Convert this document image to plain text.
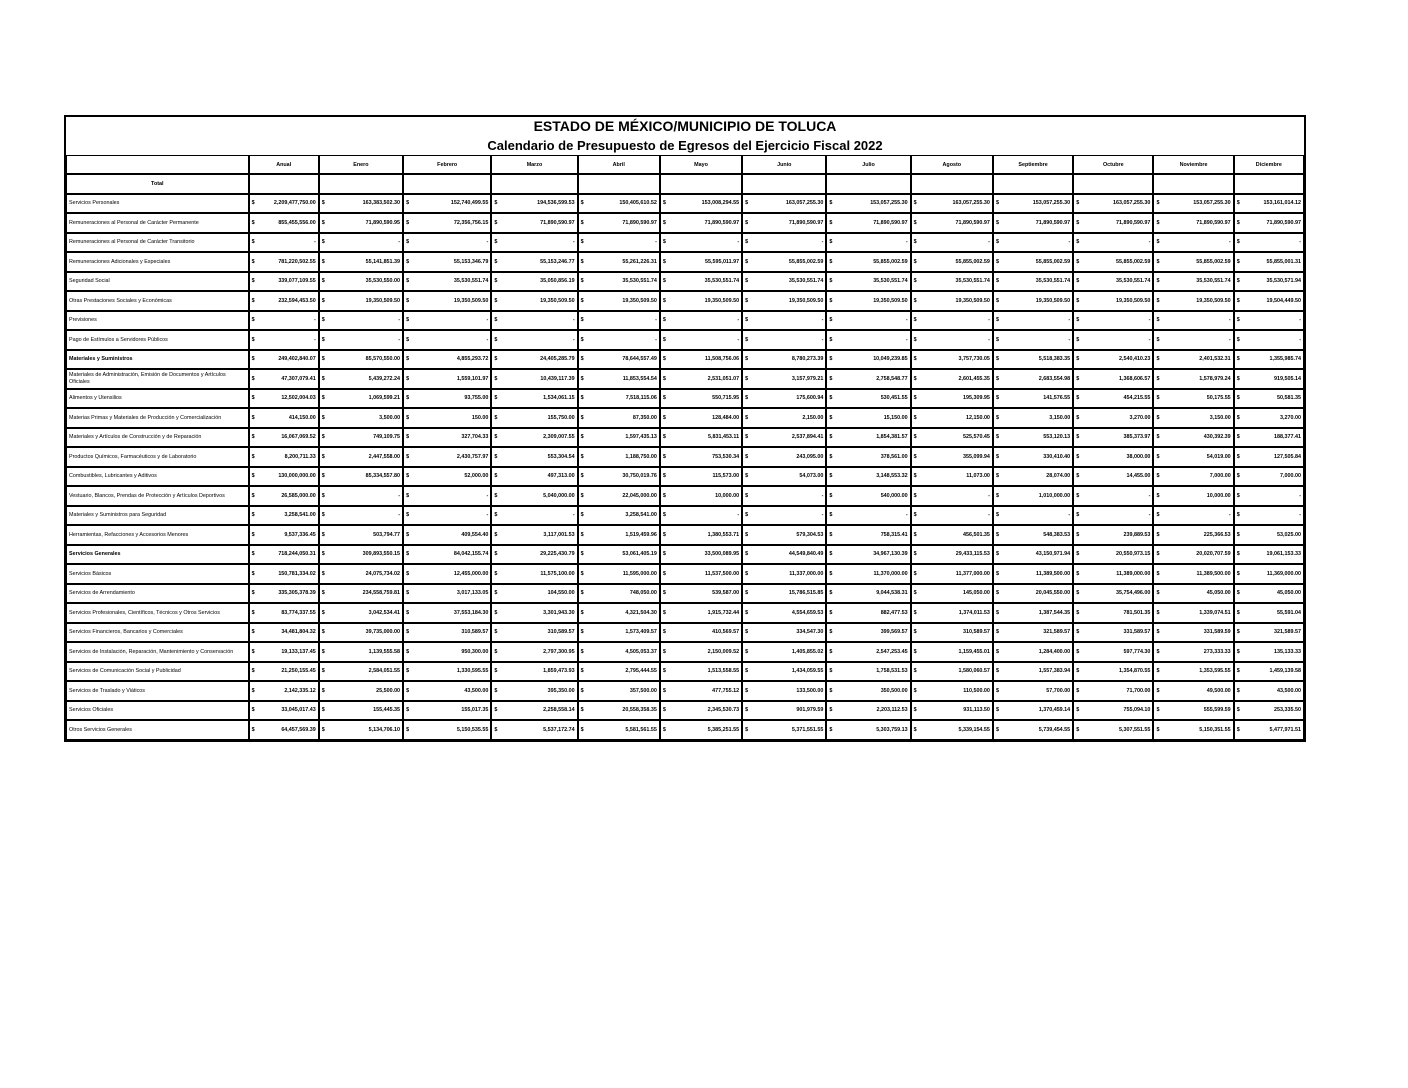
ESTADO DE MÉXICO/MUNICIPIO DE TOLUCA
Calendario de Presupuesto de Egresos del Ejercicio Fiscal 2022
	Anual	Enero	Febrero	Marzo	Abril	Mayo	Junio	Julio	Agosto	Septiembre	Octubre	Noviembre	Diciembre
Total													
Servicios Personales	$ 2,209,477,750.00	$ 163,383,502.30	$ 152,740,499.55	$ 194,536,599.53	$ 150,405,610.52	$ 153,008,294.55	$ 163,057,255.30	$ 153,057,255.30	$ 163,057,255.30	$ 153,057,255.30	$ 163,057,255.30	$ 153,057,255.30	$ 153,161,014.12
Remuneraciones al Personal de Carácter Permanente	$ 855,455,556.00	$ 71,890,590.95	$ 72,356,756.15	$ 71,890,590.97	$ 71,890,590.97	$ 71,890,590.97	$ 71,890,590.97	$ 71,890,590.97	$ 71,890,590.97	$ 71,890,590.97	$ 71,890,590.97	$ 71,890,590.97	$ 71,890,590.97
Remuneraciones al Personal de Carácter Transitorio	$ -	$ -	$ -	$ -	$ -	$ -	$ -	$ -	$ -	$ -	$ -	$ -	$ -
Remuneraciones Adicionales y Especiales	$ 781,220,502.55	$ 55,141,851.39	$ 55,153,346.79	$ 55,153,246.77	$ 55,261,226.31	$ 55,595,011.97	$ 55,855,002.59	$ 55,855,002.59	$ 55,855,002.59	$ 55,855,002.59	$ 55,855,002.59	$ 55,855,002.59	$ 55,855,001.31
Seguridad Social	$ 339,077,109.55	$ 35,530,550.00	$ 35,530,551.74	$ 35,050,856.19	$ 35,530,551.74	$ 35,530,551.74	$ 35,530,551.74	$ 35,530,551.74	$ 35,530,551.74	$ 35,530,551.74	$ 35,530,551.74	$ 35,530,551.74	$ 35,530,571.94
Otras Prestaciones Sociales y Económicas	$ 232,594,453.50	$ 19,350,509.50	$ 19,350,509.50	$ 19,350,509.50	$ 19,350,509.50	$ 19,350,509.50	$ 19,350,509.50	$ 19,350,509.50	$ 19,350,509.50	$ 19,350,509.50	$ 19,350,509.50	$ 19,350,509.50	$ 19,504,449.50
Previsiones	$ -	$ -	$ -	$ -	$ -	$ -	$ -	$ -	$ -	$ -	$ -	$ -	$ -
Pago de Estímulos a Servidores Públicos	$ -	$ -	$ -	$ -	$ -	$ -	$ -	$ -	$ -	$ -	$ -	$ -	$ -
Materiales y Suministros	$ 249,402,840.07	$ 85,570,550.00	$ 4,855,293.72	$ 24,405,285.79	$ 78,644,557.49	$ 11,508,756.06	$ 8,780,273.39	$ 10,049,239.85	$ 3,757,730.05	$ 5,518,383.35	$ 2,540,410.23	$ 2,401,532.31	$ 1,355,985.74
Materiales de Administración, Emisión de Documentos y Artículos Oficiales	$ 47,307,079.41	$ 5,439,272.24	$ 1,559,101.97	$ 10,439,117.39	$ 11,853,554.54	$ 2,531,051.07	$ 3,157,979.21	$ 2,758,548.77	$ 2,601,455.35	$ 2,683,554.98	$ 1,368,606.57	$ 1,578,979.24	$ 919,505.14
Alimentos y Utensilios	$ 12,502,004.03	$ 1,069,599.21	$ 93,755.00	$ 1,534,061.15	$ 7,518,115.06	$ 550,715.95	$ 175,600.94	$ 530,451.55	$ 195,309.95	$ 141,576.55	$ 454,215.55	$ 50,175.55	$ 50,581.35
Materias Primas y Materiales de Producción y Comercialización	$ 414,150.00	$ 3,500.00	$ 150.00	$ 155,750.00	$ 87,350.00	$ 128,484.00	$ 2,150.00	$ 15,150.00	$ 12,150.00	$ 3,150.00	$ 3,270.00	$ 3,150.00	$ 3,270.00
Materiales y Artículos de Construcción y de Reparación	$ 16,067,069.52	$ 749,109.75	$ 327,704.33	$ 2,309,007.55	$ 1,597,435.13	$ 5,831,453.11	$ 2,537,894.41	$ 1,854,381.57	$ 525,570.45	$ 553,120.13	$ 385,373.97	$ 430,392.39	$ 188,377.41
Productos Químicos, Farmacéuticos y de Laboratorio	$ 8,200,711.33	$ 2,447,558.00	$ 2,430,757.97	$ 553,304.54	$ 1,188,750.00	$ 753,530.34	$ 243,095.00	$ 378,561.00	$ 355,099.94	$ 330,410.40	$ 38,000.00	$ 54,019.00	$ 127,505.84
Combustibles, Lubricantes y Aditivos	$ 130,000,000.00	$ 85,334,557.80	$ 52,000.00	$ 497,313.00	$ 30,750,019.76	$ 115,573.00	$ 54,073.00	$ 3,148,553.32	$ 11,073.00	$ 28,074.00	$ 14,455.00	$ 7,000.00	$ 7,000.00
Vestuario, Blancos, Prendas de Protección y Artículos Deportivos	$ 26,585,000.00	$ -	$ -	$ 5,040,000.00	$ 22,045,000.00	$ 10,000.00	$ -	$ 540,000.00	$ -	$ 1,010,000.00	$ -	$ 10,000.00	$ -
Materiales y Suministros para Seguridad	$ 3,258,541.00	$ -	$ -	$ -	$ 3,258,541.00	$ -	$ -	$ -	$ -	$ -	$ -	$ -	$ -
Herramientas, Refacciones y Accesorios Menores	$ 9,537,336.45	$ 503,794.77	$ 409,554.40	$ 3,117,001.53	$ 1,519,459.96	$ 1,380,553.71	$ 579,304.53	$ 758,315.41	$ 456,501.35	$ 548,383.53	$ 239,889.53	$ 225,366.53	$ 53,025.00
Servicios Generales	$ 718,244,050.31	$ 309,893,550.15	$ 84,042,155.74	$ 29,225,430.79	$ 53,061,405.19	$ 33,500,089.95	$ 44,549,840.49	$ 34,967,130.39	$ 29,433,115.53	$ 43,150,971.94	$ 20,550,973.15	$ 20,020,707.59	$ 19,061,153.33
Servicios Básicos	$ 150,781,334.02	$ 24,075,734.02	$ 12,455,000.00	$ 11,575,100.00	$ 11,595,000.00	$ 11,537,500.00	$ 11,337,000.00	$ 11,370,000.00	$ 11,377,000.00	$ 11,389,500.00	$ 11,389,000.00	$ 11,389,500.00	$ 11,369,000.00
Servicios de Arrendamiento	$ 335,305,378.39	$ 234,558,759.81	$ 3,017,133.05	$ 104,550.00	$ 748,050.00	$ 539,587.00	$ 15,786,515.85	$ 9,044,538.31	$ 145,050.00	$ 20,045,550.00	$ 35,754,496.00	$ 45,050.00	$ 45,050.00
Servicios Profesionales, Científicos, Técnicos y Otros Servicios	$ 83,774,337.55	$ 3,042,534.41	$ 37,553,184.30	$ 3,301,943.30	$ 4,321,504.30	$ 1,915,732.44	$ 4,554,659.53	$ 882,477.53	$ 1,374,011.53	$ 1,387,544.35	$ 781,501.35	$ 1,339,074.51	$ 55,591.04
Servicios Financieros, Bancarios y Comerciales	$ 34,481,804.32	$ 39,735,000.00	$ 310,589.57	$ 310,589.57	$ 1,573,409.57	$ 410,569.57	$ 334,547.30	$ 399,569.57	$ 310,589.57	$ 321,589.57	$ 331,589.57	$ 331,589.59	$ 321,589.57
Servicios de Instalación, Reparación, Mantenimiento y Conservación	$ 19,133,137.45	$ 1,139,555.58	$ 950,300.00	$ 2,797,300.95	$ 4,505,053.37	$ 2,150,009.52	$ 1,405,855.02	$ 2,547,253.45	$ 1,159,455.01	$ 1,284,400.00	$ 597,774.30	$ 273,333.33	$ 135,133.33
Servicios de Comunicación Social y Publicidad	$ 21,250,155.45	$ 2,584,051.55	$ 1,330,595.55	$ 1,859,473.93	$ 2,795,444.55	$ 1,513,558.55	$ 1,434,059.55	$ 1,758,531.53	$ 1,580,060.57	$ 1,557,383.94	$ 1,354,870.55	$ 1,353,595.55	$ 1,459,139.58
Servicios de Traslado y Viáticos	$ 2,142,335.12	$ 25,500.00	$ 43,500.00	$ 395,350.00	$ 357,500.00	$ 477,755.12	$ 133,500.00	$ 350,500.00	$ 110,500.00	$ 57,700.00	$ 71,700.00	$ 49,500.00	$ 43,500.00
Servicios Oficiales	$ 33,045,017.43	$ 155,445.35	$ 155,017.35	$ 2,258,558.14	$ 20,558,358.35	$ 2,345,530.73	$ 901,979.59	$ 2,203,112.53	$ 931,113.50	$ 1,370,459.14	$ 755,094.10	$ 555,599.59	$ 253,335.50
Otros Servicios Generales	$ 64,457,569.39	$ 5,134,706.10	$ 5,150,535.55	$ 5,537,172.74	$ 5,581,561.55	$ 5,385,251.55	$ 5,371,551.55	$ 5,303,759.13	$ 5,339,154.55	$ 5,739,454.55	$ 5,307,551.55	$ 5,150,351.55	$ 5,477,971.51
